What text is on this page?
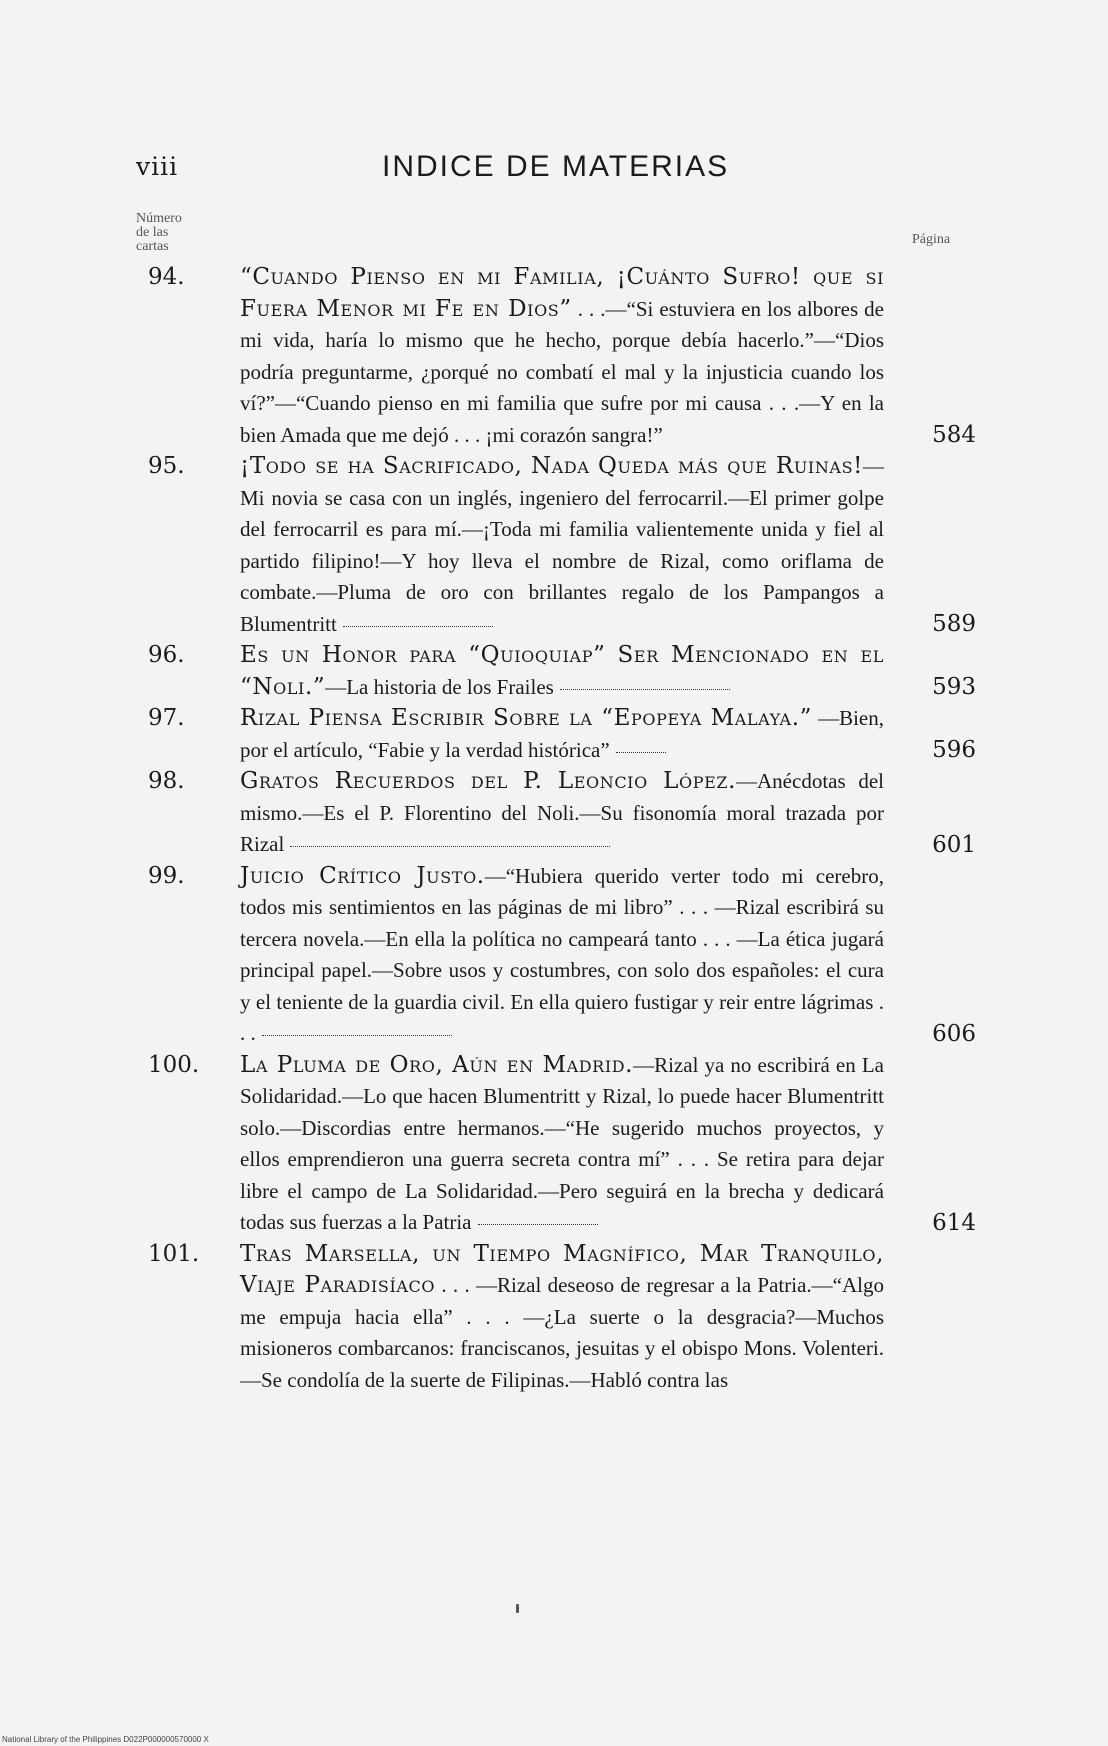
viii	INDICE DE MATERIAS
Número
de las
cartas	Página
94. “Cuando Pienso en mi Familia, ¡Cuánto Sufro! que si Fuera Menor mi Fe en Dios” . . .—“Si estuviera en los albores de mi vida, haría lo mismo que he hecho, porque debía hacerlo.”—“Dios podría preguntarme, ¿porqué no combatí el mal y la injusticia cuando los ví?”—“Cuando pienso en mi familia que sufre por mi causa . . .—Y en la bien Amada que me dejó . . . ¡mi corazón sangra!”	584
95. ¡Todo se ha Sacrificado, Nada Queda más que Ruinas!—Mi novia se casa con un inglés, ingeniero del ferrocarril.—El primer golpe del ferrocarril es para mí.—¡Toda mi familia valientemente unida y fiel al partido filipino!—Y hoy lleva el nombre de Rizal, como oriflama de combate.—Pluma de oro con brillantes regalo de los Pampangos a Blumentritt	589
96. Es un Honor para “Quioquiap” Ser Mencionado en el “Noli.”—La historia de los Frailes	593
97. Rizal Piensa Escribir Sobre la “Epopeya Malaya.” —Bien, por el artículo, “Fabie y la verdad histórica”	596
98. Gratos Recuerdos del P. Leoncio López.—Anécdotas del mismo.—Es el P. Florentino del Noli.—Su fisonomía moral trazada por Rizal	601
99. Juicio Crítico Justo.—“Hubiera querido verter todo mi cerebro, todos mis sentimientos en las páginas de mi libro” . . . —Rizal escribirá su tercera novela.—En ella la política no campeará tanto . . . —La ética jugará principal papel.—Sobre usos y costumbres, con solo dos españoles: el cura y el teniente de la guardia civil. En ella quiero fustigar y reir entre lágrimas . . .	606
100. La Pluma de Oro, Aún en Madrid.—Rizal ya no escribirá en La Solidaridad.—Lo que hacen Blumentritt y Rizal, lo puede hacer Blumentritt solo.—Discordias entre hermanos.—“He sugerido muchos proyectos, y ellos emprendieron una guerra secreta contra mí” . . . Se retira para dejar libre el campo de La Solidaridad.—Pero seguirá en la brecha y dedicará todas sus fuerzas a la Patria	614
101. Tras Marsella, un Tiempo Magnífico, Mar Tranquilo, Viaje Paradisíaco . . . —Rizal deseoso de regresar a la Patria.—“Algo me empuja hacia ella” . . . —¿La suerte o la desgracia?—Muchos misioneros combarcanos: franciscanos, jesuitas y el obispo Mons. Volenteri.—Se condolía de la suerte de Filipinas.—Habló contra las
National Library of the Philippines D022P000000570000 X
